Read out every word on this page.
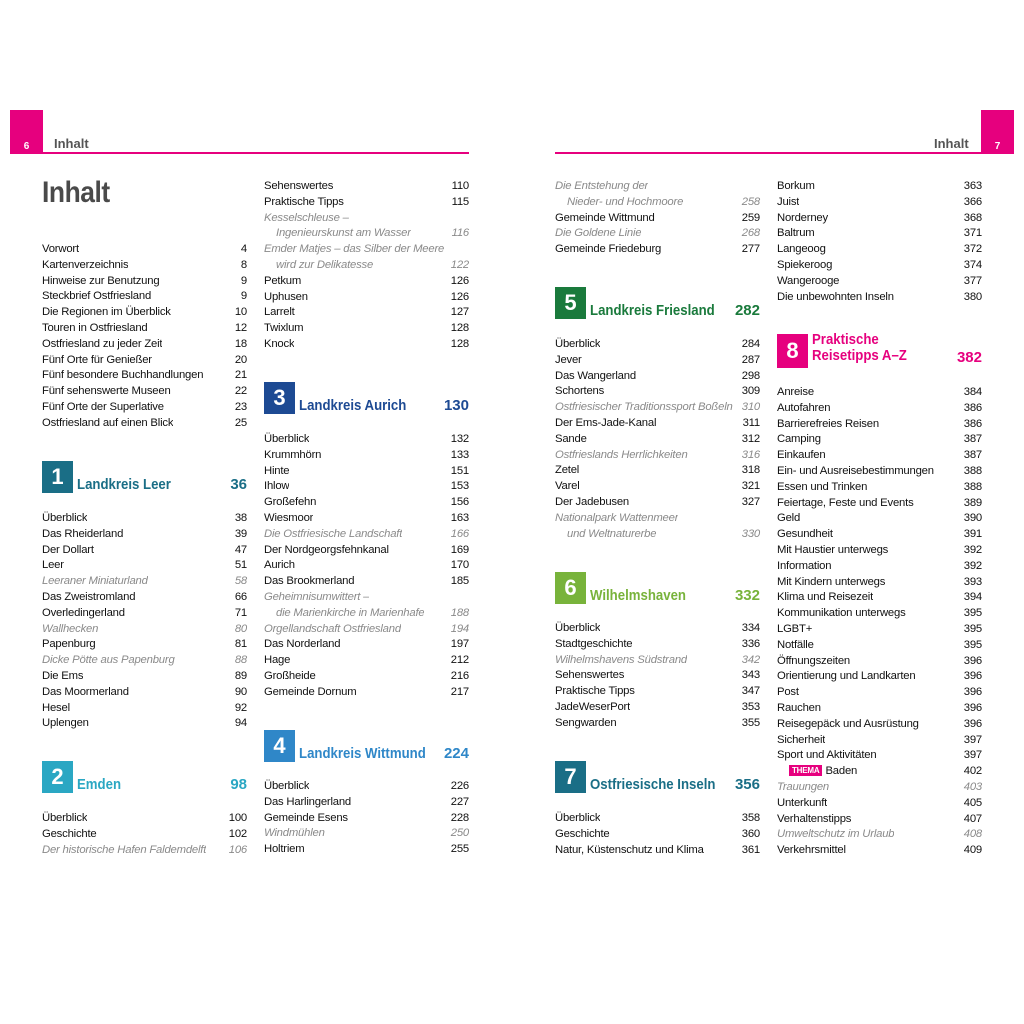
6 Inhalt	7
Inhalt
Inhalt
Vorwort	4
Kartenverzeichnis	8
Hinweise zur Benutzung	9
Steckbrief Ostfriesland	9
Die Regionen im Überblick	10
Touren in Ostfriesland	12
Ostfriesland zu jeder Zeit	18
Fünf Orte für Genießer	20
Fünf besondere Buchhandlungen	21
Fünf sehenswerte Museen	22
Fünf Orte der Superlative	23
Ostfriesland auf einen Blick	25
1 Landkreis Leer	36
Überblick	38
Das Rheiderland	39
Der Dollart	47
Leer	51
Leeraner Miniaturland	58
Das Zweistromland	66
Overledingerland	71
Wallhecken	80
Papenburg	81
Dicke Pötte aus Papenburg	88
Die Ems	89
Das Moormerland	90
Hesel	92
Uplengen	94
2 Emden	98
Überblick	100
Geschichte	102
Der historische Hafen Faldemdelft	106
Sehenswertes	110
Praktische Tipps	115
Kesselschleuse –
Ingenieurskunst am Wasser	116
Emder Matjes – das Silber der Meere
wird zur Delikatesse	122
Petkum	126
Uphusen	126
Larrelt	127
Twixlum	128
Knock	128
3 Landkreis Aurich	130
Überblick	132
Krummhörn	133
Hinte	151
Ihlow	153
Großefehn	156
Wiesmoor	163
Die Ostfriesische Landschaft	166
Der Nordgeorgsfehnkanal	169
Aurich	170
Das Brookmerland	185
Geheimnisumwittert –
die Marienkirche in Marienhafe	188
Orgellandschaft Ostfriesland	194
Das Norderland	197
Hage	212
Großheide	216
Gemeinde Dornum	217
4 Landkreis Wittmund 224
Überblick	226
Das Harlingerland	227
Gemeinde Esens	228
Windmühlen	250
Holtriem	255
Die Entstehung der
Nieder- und Hochmoore	258
Gemeinde Wittmund	259
Die Goldene Linie	268
Gemeinde Friedeburg	277
5 Landkreis Friesland 282
Überblick	284
Jever	287
Das Wangerland	298
Schortens	309
Ostfriesischer Traditionssport Boßeln 310
Der Ems-Jade-Kanal	311
Sande	312
Ostfrieslands Herrlichkeiten	316
Zetel	318
Varel	321
Der Jadebusen	327
Nationalpark Wattenmeer
und Weltnaturerbe	330
6 Wilhelmshaven	332
Überblick	334
Stadtgeschichte	336
Wilhelmshavens Südstrand	342
Sehenswertes	343
Praktische Tipps	347
JadeWeserPort	353
Sengwarden	355
7 Ostfriesische Inseln 356
Überblick	358
Geschichte	360
Natur, Küstenschutz und Klima	361
Borkum	363
Juist	366
Norderney	368
Baltrum	371
Langeoog	372
Spiekeroog	374
Wangerooge	377
Die unbewohnten Inseln	380
8 Praktische
Reisetipps A–Z	382
Anreise	384
Autofahren	386
Barrierefreies Reisen	386
Camping	387
Einkaufen	387
Ein- und Ausreisebestimmungen	388
Essen und Trinken	388
Feiertage, Feste und Events	389
Geld	390
Gesundheit	391
Mit Haustier unterwegs	392
Information	392
Mit Kindern unterwegs	393
Klima und Reisezeit	394
Kommunikation unterwegs	395
LGBT+	395
Notfälle	395
Öffnungszeiten	396
Orientierung und Landkarten	396
Post	396
Rauchen	396
Reisegepäck und Ausrüstung	396
Sicherheit	397
Sport und Aktivitäten	397
THEMA Baden	402
Trauungen	403
Unterkunft	405
Verhaltenstipps	407
Umweltschutz im Urlaub	408
Verkehrsmittel	409
